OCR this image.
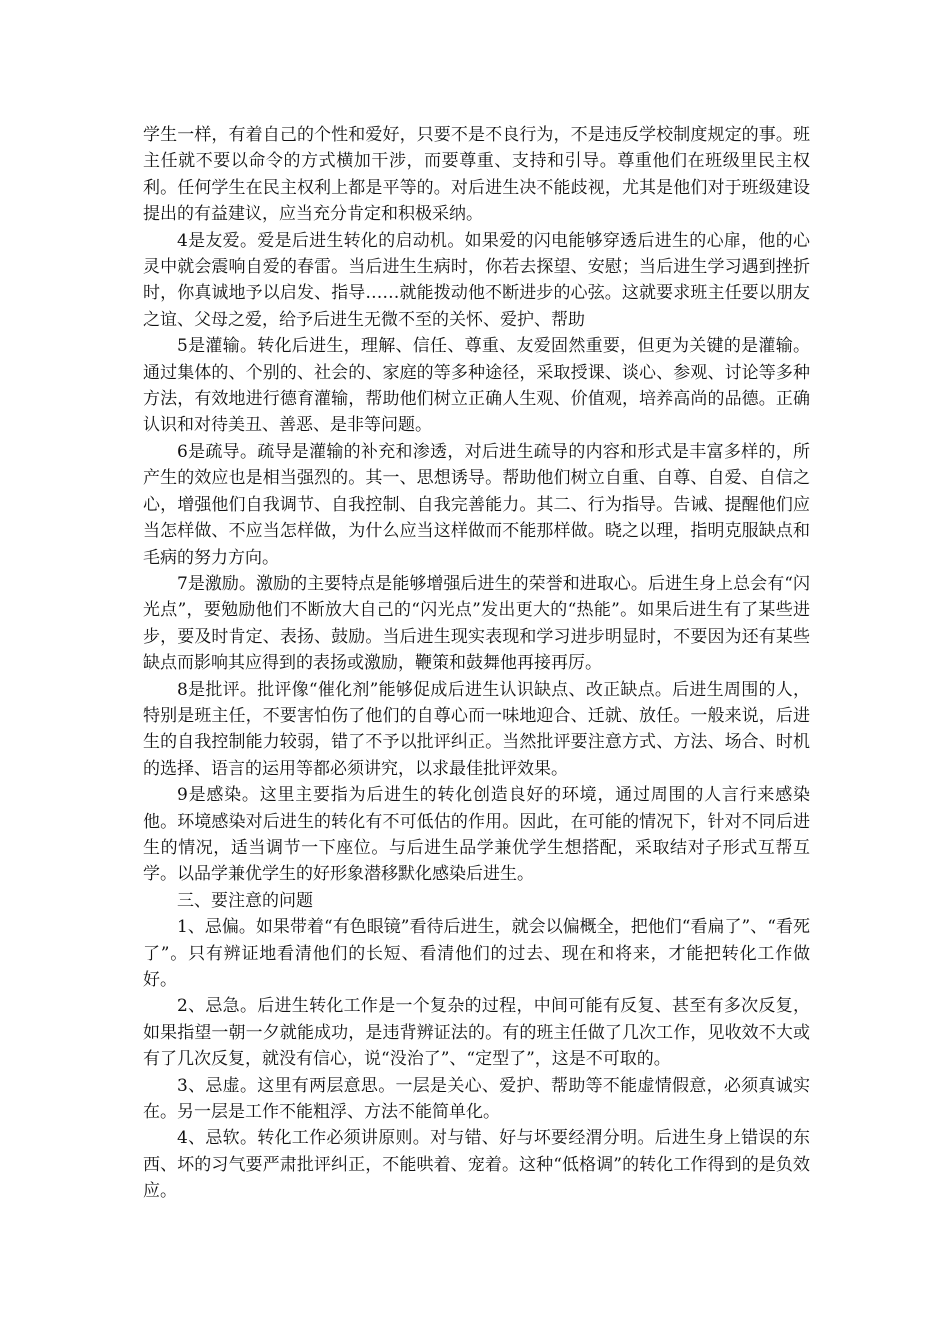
学生一样，有着自己的个性和爱好，只要不是不良行为，不是违反学校制度规定的事。班主任就不要以命令的方式横加干涉，而要尊重、支持和引导。尊重他们在班级里民主权利。任何学生在民主权利上都是平等的。对后进生决不能歧视，尤其是他们对于班级建设提出的有益建议，应当充分肯定和积极采纳。

4是友爱。爱是后进生转化的启动机。如果爱的闪电能够穿透后进生的心扉，他的心灵中就会震响自爱的春雷。当后进生生病时，你若去探望、安慰；当后进生学习遇到挫折时，你真诚地予以启发、指导……就能拨动他不断进步的心弦。这就要求班主任要以朋友之谊、父母之爱，给予后进生无微不至的关怀、爱护、帮助

5是灌输。转化后进生，理解、信任、尊重、友爱固然重要，但更为关键的是灌输。通过集体的、个别的、社会的、家庭的等多种途径，采取授课、谈心、参观、讨论等多种方法，有效地进行德育灌输，帮助他们树立正确人生观、价值观，培养高尚的品德。正确认识和对待美丑、善恶、是非等问题。

6是疏导。疏导是灌输的补充和渗透，对后进生疏导的内容和形式是丰富多样的，所产生的效应也是相当强烈的。其一、思想诱导。帮助他们树立自重、自尊、自爱、自信之心，增强他们自我调节、自我控制、自我完善能力。其二、行为指导。告诫、提醒他们应当怎样做、不应当怎样做，为什么应当这样做而不能那样做。晓之以理，指明克服缺点和毛病的努力方向。

7是激励。激励的主要特点是能够增强后进生的荣誉和进取心。后进生身上总会有“闪光点”，要勉励他们不断放大自己的“闪光点”发出更大的“热能”。如果后进生有了某些进步，要及时肯定、表扬、鼓励。当后进生现实表现和学习进步明显时，不要因为还有某些缺点而影响其应得到的表扬或激励，鞭策和鼓舞他再接再厉。

8是批评。批评像“催化剂”能够促成后进生认识缺点、改正缺点。后进生周围的人，特别是班主任，不要害怕伤了他们的自尊心而一味地迎合、迁就、放任。一般来说，后进生的自我控制能力较弱，错了不予以批评纠正。当然批评要注意方式、方法、场合、时机的选择、语言的运用等都必须讲究，以求最佳批评效果。

9是感染。这里主要指为后进生的转化创造良好的环境，通过周围的人言行来感染他。环境感染对后进生的转化有不可低估的作用。因此，在可能的情况下，针对不同后进生的情况，适当调节一下座位。与后进生品学兼优学生想搭配，采取结对子形式互帮互学。以品学兼优学生的好形象潜移默化感染后进生。

三、要注意的问题

1、忌偏。如果带着“有色眼镜”看待后进生，就会以偏概全，把他们“看扁了”、“看死了”。只有辨证地看清他们的长短、看清他们的过去、现在和将来，才能把转化工作做好。

2、忌急。后进生转化工作是一个复杂的过程，中间可能有反复、甚至有多次反复，如果指望一朝一夕就能成功，是违背辨证法的。有的班主任做了几次工作，见收效不大或有了几次反复，就没有信心，说“没治了”、“定型了”，这是不可取的。

3、忌虚。这里有两层意思。一层是关心、爱护、帮助等不能虚情假意，必须真诚实在。另一层是工作不能粗浮、方法不能简单化。

4、忌软。转化工作必须讲原则。对与错、好与坏要经渭分明。后进生身上错误的东西、坏的习气要严肃批评纠正，不能哄着、宠着。这种“低格调”的转化工作得到的是负效应。
